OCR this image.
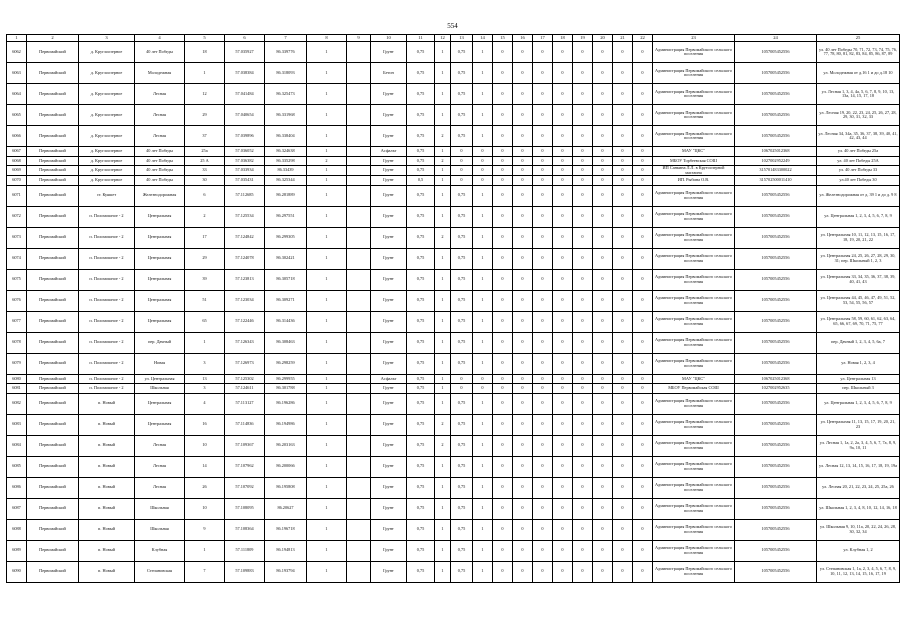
554
1	2	3	4	5	6	7	8	9	10	11	12	13	14	15	16	17	18	19	20	21	22	23	24	25
6062	Первомайский	д. Круглоозерное	40 лет Победы	18	57.035927	86.339776	1		Грунт	0,75	1	0,75	1	0	0	0	0	0	0	0	0	Администрация Первомайского сельского поселения	1057005452556	ул. 40 лет Победы 70, 71, 72, 73, 74, 75, 76, 77, 78, 80, 81, 82, 83, 84, 85, 86, 87, 89
6063	Первомайский	д. Круглоозерное	Молодежная	1	57.038384	86.318093	1		Бетон	0,75	1	0,75	1	0	0	0	0	0	0	0	0	Администрация Первомайского сельского поселения	1057005452556	ул. Молодежная от д.16 1 и до д.18 10
6064	Первомайский	д. Круглоозерное	Лесная	12	57.041484	86.325473	1		Грунт	0,75	1	0,75	1	0	0	0	0	0	0	0	0	Администрация Первомайского сельского поселения	1057005452556	ул. Лесная 1, 3, 4, 4а, 5, 6, 7, 8, 9, 10, 13, 13а, 14, 15, 17, 18
6065	Первомайский	д. Круглоозерное	Лесная	29	57.040654	86.331968	1		Грунт	0,75	1	0,75	1	0	0	0	0	0	0	0	0	Администрация Первомайского сельского поселения	1057005452556	ул. Лесная 19, 20, 22, 23, 24, 25, 26, 27, 28, 29, 30, 31, 32, 33
6066	Первомайский	д. Круглоозерное	Лесная	37	57.039896	86.338404	1		Грунт	0,75	2	0,75	1	0	0	0	0	0	0	0	0	Администрация Первомайского сельского поселения	1057005452556	ул. Лесная 34, 34а, 35, 36, 37, 38, 39, 40, 41, 42, 43, 44
6067	Первомайский	д. Круглоозерное	40 лет Победы	25а	57.036052	86.324638	1		Асфальт	0,75	1	0	0	0	0	0	0	0	0	0	0	МАУ "ЦКС"	1067025012368	ул. 40 лет Победы 25а
6068	Первомайский	д. Круглоозерное	40 лет Победы	25 А	57.036382	86.335298	2		Грунт	0,75	2	0	0	0	0	0	0	0	0	0	0	МБОУ Торбеевская СОШ	1027002952249	ул. 40 лет Победы 25А
6069	Первомайский	д. Круглоозерное	40 лет Победы	33	57.033934	86.33439	1		Грунт	0,75	1	0	0	0	0	0	0	0	0	0	0	ИП Санкина Л.Л. в Крутоозерной магазина	315701483300022	ул. 40 лет Победы 33
6070	Первомайский	д. Круглоозерное	40 лет Победы	30	57.035431	86.325344	1		Грунт	0,5	1	0	0	0	0	0	0	0	0	0	0	ИП. Рыбина О.В.	315702500011410	ул.40 лет Победы 30
6071	Первомайский	ст. Куяшет	Железнодорожная	6	57.112685	86.281889	1		Грунт	0,75	1	0,75	1	0	0	0	0	0	0	0	0	Администрация Первомайского сельского поселения	1057005452556	ул. Железнодорожная от д. 39 1 и до д. 9 8
6072	Первомайский	п. Поломошное - 2	Центральная	2	57.125534	86.297551	1		Грунт	0,75	1	0,75	1	0	0	0	0	0	0	0	0	Администрация Первомайского сельского поселения	1057005452556	ул. Центральная 1, 2, 3, 4, 5, 6, 7, 8, 9
6073	Первомайский	п. Поломошное - 2	Центральная	17	57.124842	86.299305	1		Грунт	0,75	2	0,75	1	0	0	0	0	0	0	0	0	Администрация Первомайского сельского поселения	1057005452556	ул. Центральная 10, 11, 12, 13, 15, 16, 17, 18, 19, 20, 21, 22
6074	Первомайский	п. Поломошное - 2	Центральная	29	57.124078	86.302421	1		Грунт	0,75	1	0,75	1	0	0	0	0	0	0	0	0	Администрация Первомайского сельского поселения	1057005452556	ул. Центральная 24, 25, 26, 27, 28, 29, 30, 31; пер. Школьный 1, 2, 3
6075	Первомайский	п. Поломошное - 2	Центральная	39	57.123813	86.305718	1		Грунт	0,75	1	0,75	1	0	0	0	0	0	0	0	0	Администрация Первомайского сельского поселения	1057005452556	ул. Центральная 33, 34, 35, 36, 37, 38, 39, 40, 41, 43
6076	Первомайский	п. Поломошное - 2	Центральная	51	57.123034	86.309271	1		Грунт	0,75	1	0,75	1	0	0	0	0	0	0	0	0	Администрация Первомайского сельского поселения	1057005452556	ул. Центральная 44, 45, 46, 47, 49, 51, 52, 53, 54, 55, 56, 57
6077	Первомайский	п. Поломошное - 2	Центральная	65	57.122446	86.314436	1		Грунт	0,75	1	0,75	1	0	0	0	0	0	0	0	0	Администрация Первомайского сельского поселения	1057005452556	ул. Центральная 58, 59, 60, 61, 62, 63, 64, 65, 66, 67, 69, 70, 71, 75, 77
6078	Первомайский	п. Поломошное - 2	пер. Дачный	1	57.126343	86.308463	1		Грунт	0,75	1	0,75	1	0	0	0	0	0	0	0	0	Администрация Первомайского сельского поселения	1057005452556	пер. Дачный 1, 2, 3, 4, 5, 6а, 7
6079	Первомайский	п. Поломошное - 2	Новая	3	57.126973	86.298259	1		Грунт	0,75	1	0,75	1	0	0	0	0	0	0	0	0	Администрация Первомайского сельского поселения	1057005452556	ул. Новая 1, 2, 3, 4
6080	Первомайский	п. Поломошное - 2	ул. Центральная	13	57.125302	86.299955	1		Асфальт	0,75	1	0	0	0	0	0	0	0	0	0	0	МАУ "ЦКС"	1067025012368	ул. Центральная 13
6081	Первомайский	п. Поломошное - 2	Школьная	3	57.124611	86.301788	1		Грунт	0,75	1	0	0	0	0	0	0	0	0	0	0	МБОУ Первомайская СОШ	1027002952635	пер. Школьный 3
6082	Первомайский	п. Новый	Центральная	4	57.113127	86.196286	1		Грунт	0,75	1	0,75	1	0	0	0	0	0	0	0	0	Администрация Первомайского сельского поселения	1057005452556	ул. Центральная 1, 2, 3, 4, 5, 6, 7, 8, 9
6083	Первомайский	п. Новый	Центральная	16	57.114836	86.194986	1		Грунт	0,75	2	0,75	1	0	0	0	0	0	0	0	0	Администрация Первомайского сельского поселения	1057005452556	ул. Центральная 11, 13, 15, 17, 19, 20, 21, 23
6084	Первомайский	п. Новый	Лесная	10	57.109367	86.203163	1		Грунт	0,75	2	0,75	1	0	0	0	0	0	0	0	0	Администрация Первомайского сельского поселения	1057005452556	ул. Лесная 1, 1а, 2, 2а, 3, 4, 5, 6, 7, 7а, 8, 9, 9а, 10, 11
6085	Первомайский	п. Новый	Лесная	14	57.107962	86.200066	1		Грунт	0,75	1	0,75	1	0	0	0	0	0	0	0	0	Администрация Первомайского сельского поселения	1057005452556	ул. Лесная 12, 13, 14, 15, 16, 17, 18, 19, 19а
6086	Первомайский	п. Новый	Лесная	26	57.107092	86.195808	1		Грунт	0,75	1	0,75	1	0	0	0	0	0	0	0	0	Администрация Первомайского сельского поселения	1057005452556	ул. Лесная 20, 21, 22, 23, 24, 25, 25а, 26
6087	Первомайский	п. Новый	Школьная	10	57.108095	86.20627	1		Грунт	0,75	1	0,75	1	0	0	0	0	0	0	0	0	Администрация Первомайского сельского поселения	1057005452556	ул. Школьная 1, 2, 3, 4, 8, 10, 12, 14, 16, 18
6088	Первомайский	п. Новый	Школьная	9	57.108364	86.196718	1		Грунт	0,75	1	0,75	1	0	0	0	0	0	0	0	0	Администрация Первомайского сельского поселения	1057005452556	ул. Школьная 9, 10, 11а, 20, 22, 24, 26, 28, 30, 32, 34
6089	Первомайский	п. Новый	Клубная	1	57.111809	86.194813	1		Грунт	0,75	1	0,75	1	0	0	0	0	0	0	0	0	Администрация Первомайского сельского поселения	1057005452556	ул. Клубная 1, 2
6090	Первомайский	п. Новый	Степановская	7	57.109883	86.193794	1		Грунт	0,75	1	0,75	1	0	0	0	0	0	0	0	0	Администрация Первомайского сельского поселения	1057005452556	ул. Степановская 1, 1а, 2, 3, 4, 5, 6, 7, 8, 9, 10, 11, 12, 13, 14, 15, 16, 17, 19
